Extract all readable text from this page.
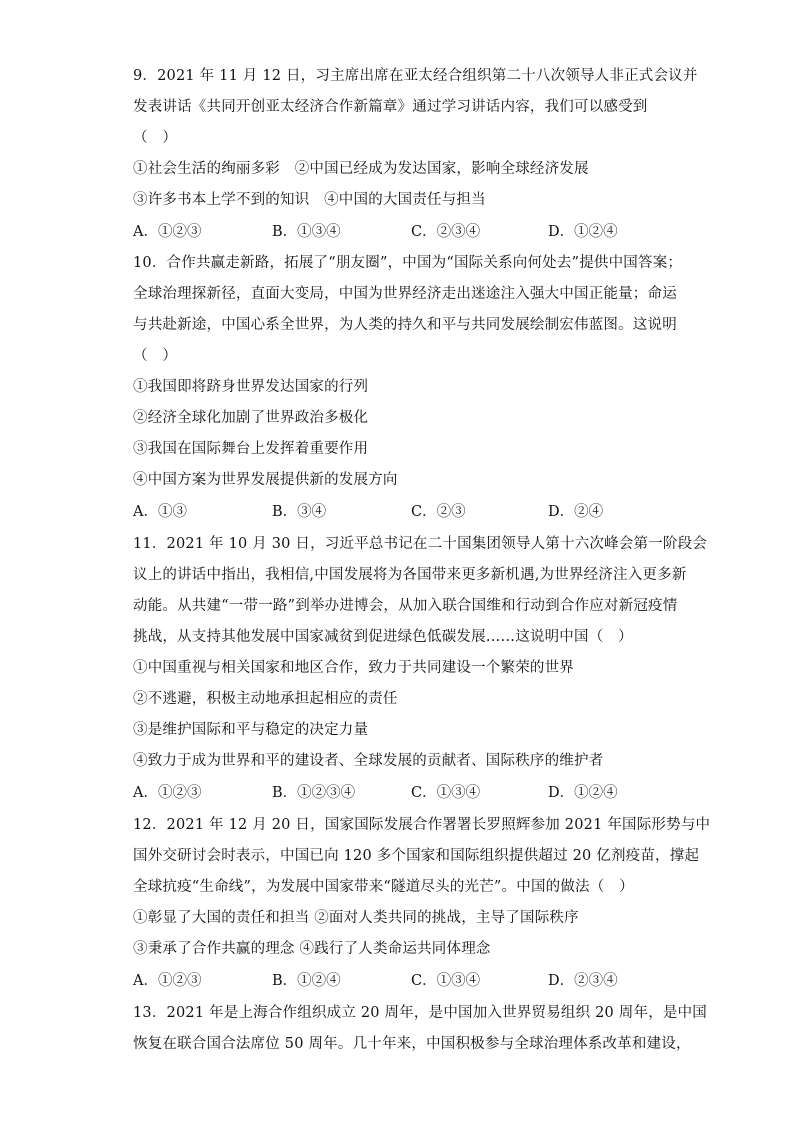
9．2021 年 11 月 12 日，习主席出席在亚太经合组织第二十八次领导人非正式会议并
发表讲话《共同开创亚太经济合作新篇章》通过学习讲话内容，我们可以感受到
（　）
①社会生活的绚丽多彩　②中国已经成为发达国家，影响全球经济发展
③许多书本上学不到的知识　④中国的大国责任与担当
A．①②③	B．①③④	C．②③④	D．①②④
10．合作共赢走新路，拓展了“朋友圈”，中国为“国际关系向何处去”提供中国答案；
全球治理探新径，直面大变局，中国为世界经济走出迷途注入强大中国正能量；命运
与共赴新途，中国心系全世界，为人类的持久和平与共同发展绘制宏伟蓝图。这说明
（　）
①我国即将跻身世界发达国家的行列
②经济全球化加剧了世界政治多极化
③我国在国际舞台上发挥着重要作用
④中国方案为世界发展提供新的发展方向
A．①③	B．③④	C．②③	D．②④
11．2021 年 10 月 30 日，习近平总书记在二十国集团领导人第十六次峰会第一阶段会
议上的讲话中指出，我相信,中国发展将为各国带来更多新机遇,为世界经济注入更多新
动能。从共建“一带一路”到举办进博会，从加入联合国维和行动到合作应对新冠疫情
挑战，从支持其他发展中国家减贫到促进绿色低碳发展……这说明中国（　）
①中国重视与相关国家和地区合作，致力于共同建设一个繁荣的世界
②不逃避，积极主动地承担起相应的责任
③是维护国际和平与稳定的决定力量
④致力于成为世界和平的建设者、全球发展的贡献者、国际秩序的维护者
A．①②③	B．①②③④	C．①③④	D．①②④
12．2021 年 12 月 20 日，国家国际发展合作署署长罗照辉参加 2021 年国际形势与中
国外交研讨会时表示，中国已向 120 多个国家和国际组织提供超过 20 亿剂疫苗，撑起
全球抗疫“生命线”，为发展中国家带来“隧道尽头的光芒”。中国的做法（　）
①彰显了大国的责任和担当 ②面对人类共同的挑战，主导了国际秩序
③秉承了合作共赢的理念 ④践行了人类命运共同体理念
A．①②③	B．①②④	C．①③④	D．②③④
13．2021 年是上海合作组织成立 20 周年，是中国加入世界贸易组织 20 周年，是中国
恢复在联合国合法席位 50 周年。几十年来，中国积极参与全球治理体系改革和建设，
